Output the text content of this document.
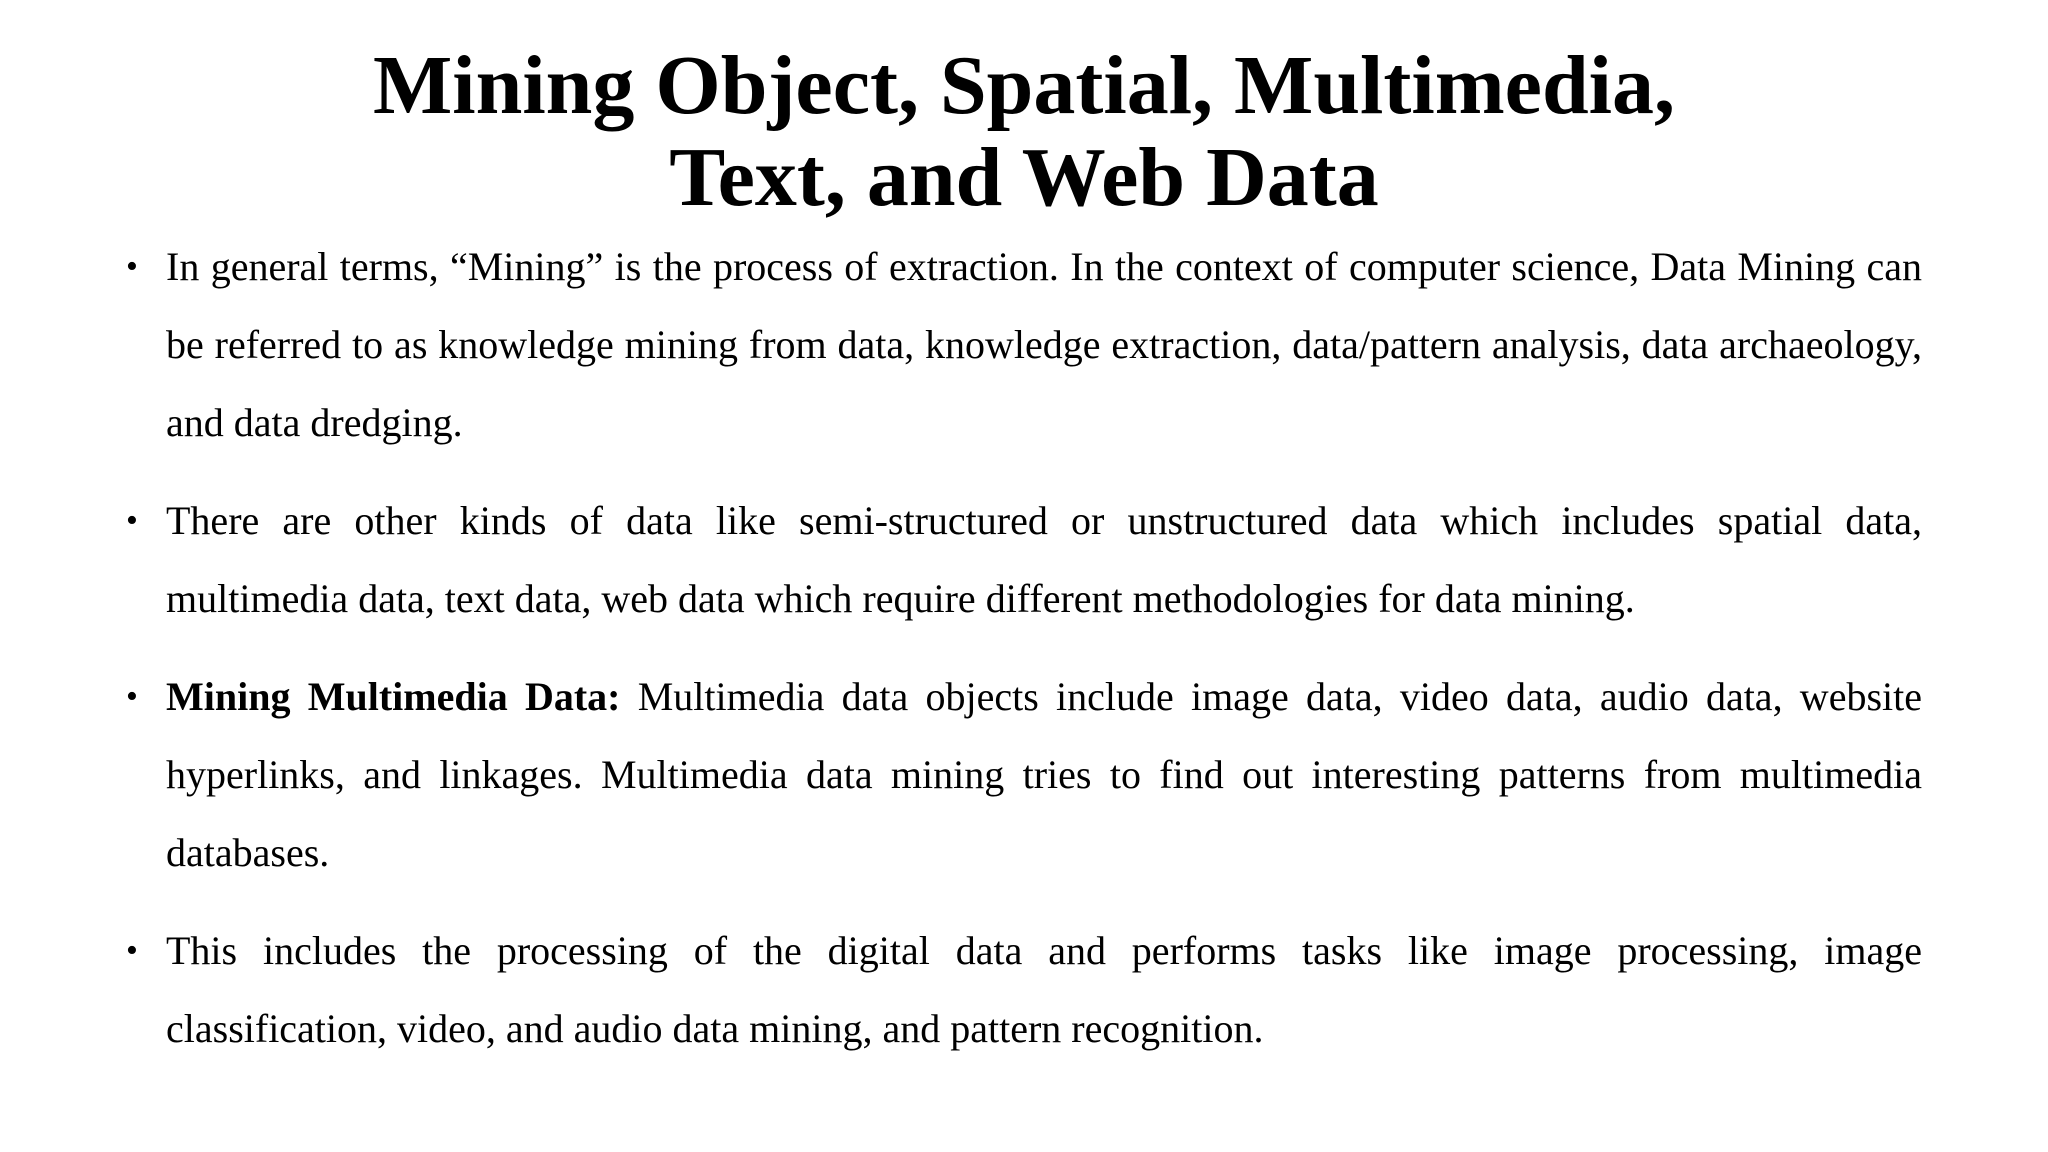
Mining Object, Spatial, Multimedia,
Text, and Web Data
• In general terms, “Mining” is the process of extraction. In the context of computer science, Data Mining can be referred to as knowledge mining from data, knowledge extraction, data/pattern analysis, data archaeology, and data dredging.
• There are other kinds of data like semi-structured or unstructured data which includes spatial data, multimedia data, text data, web data which require different methodologies for data mining.
• Mining Multimedia Data: Multimedia data objects include image data, video data, audio data, website hyperlinks, and linkages. Multimedia data mining tries to find out interesting patterns from multimedia databases.
• This includes the processing of the digital data and performs tasks like image processing, image classification, video, and audio data mining, and pattern recognition.
